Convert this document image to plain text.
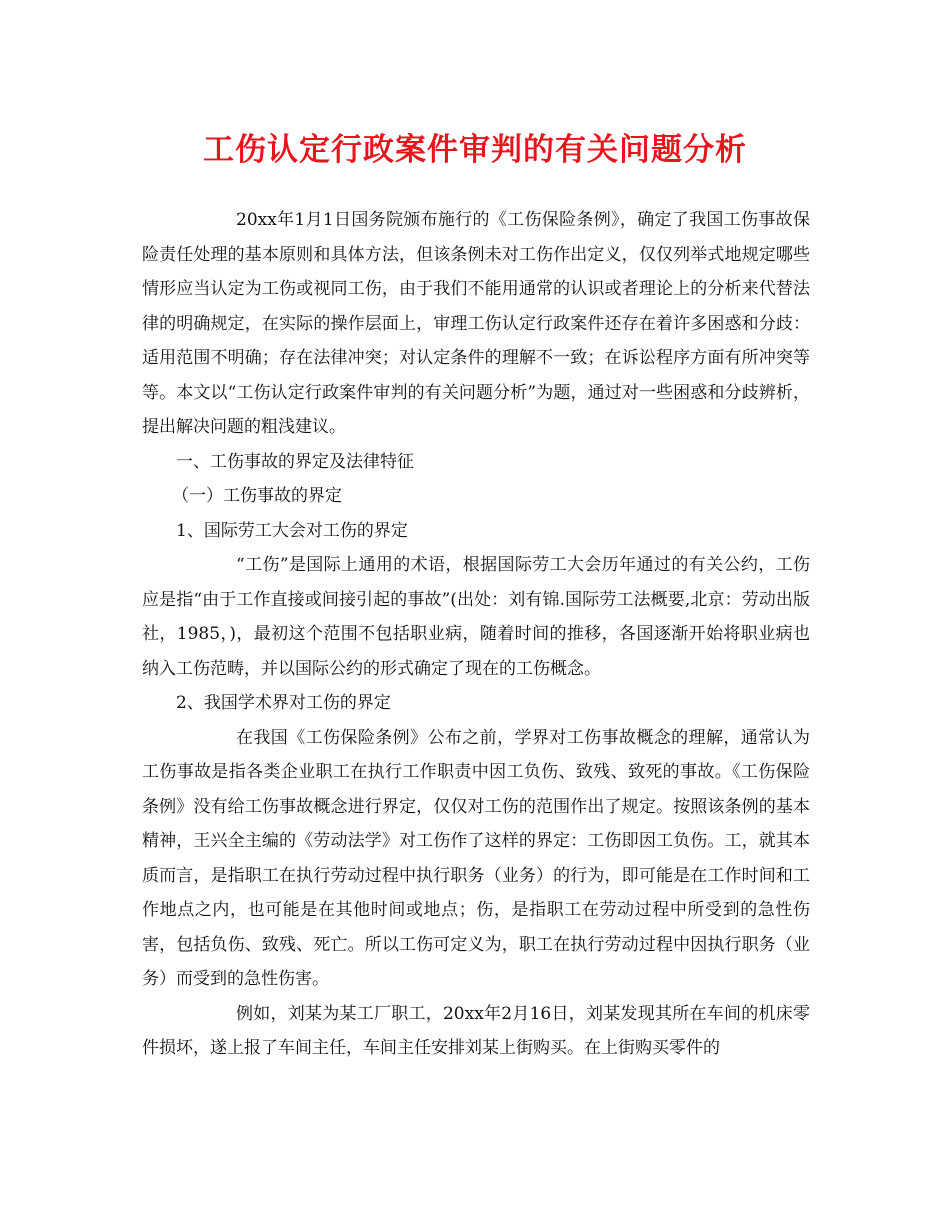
工伤认定行政案件审判的有关问题分析

20xx年1月1日国务院颁布施行的《工伤保险条例》，确定了我国工伤事故保险责任处理的基本原则和具体方法，但该条例未对工伤作出定义，仅仅列举式地规定哪些情形应当认定为工伤或视同工伤，由于我们不能用通常的认识或者理论上的分析来代替法律的明确规定，在实际的操作层面上，审理工伤认定行政案件还存在着许多困惑和分歧：适用范围不明确；存在法律冲突；对认定条件的理解不一致；在诉讼程序方面有所冲突等等。本文以“工伤认定行政案件审判的有关问题分析”为题，通过对一些困惑和分歧辨析，提出解决问题的粗浅建议。

一、工伤事故的界定及法律特征

（一）工伤事故的界定

1、国际劳工大会对工伤的界定

“工伤”是国际上通用的术语，根据国际劳工大会历年通过的有关公约，工伤应是指“由于工作直接或间接引起的事故”(出处：刘有锦.国际劳工法概要,北京：劳动出版社，1985，)，最初这个范围不包括职业病，随着时间的推移，各国逐渐开始将职业病也纳入工伤范畴，并以国际公约的形式确定了现在的工伤概念。

2、我国学术界对工伤的界定

在我国《工伤保险条例》公布之前，学界对工伤事故概念的理解，通常认为工伤事故是指各类企业职工在执行工作职责中因工负伤、致残、致死的事故。《工伤保险条例》没有给工伤事故概念进行界定，仅仅对工伤的范围作出了规定。按照该条例的基本精神，王兴全主编的《劳动法学》对工伤作了这样的界定：工伤即因工负伤。工，就其本质而言，是指职工在执行劳动过程中执行职务（业务）的行为，即可能是在工作时间和工作地点之内，也可能是在其他时间或地点；伤，是指职工在劳动过程中所受到的急性伤害，包括负伤、致残、死亡。所以工伤可定义为，职工在执行劳动过程中因执行职务（业务）而受到的急性伤害。

例如，刘某为某工厂职工，20xx年2月16日，刘某发现其所在车间的机床零件损坏，遂上报了车间主任，车间主任安排刘某上街购买。在上街购买零件的
